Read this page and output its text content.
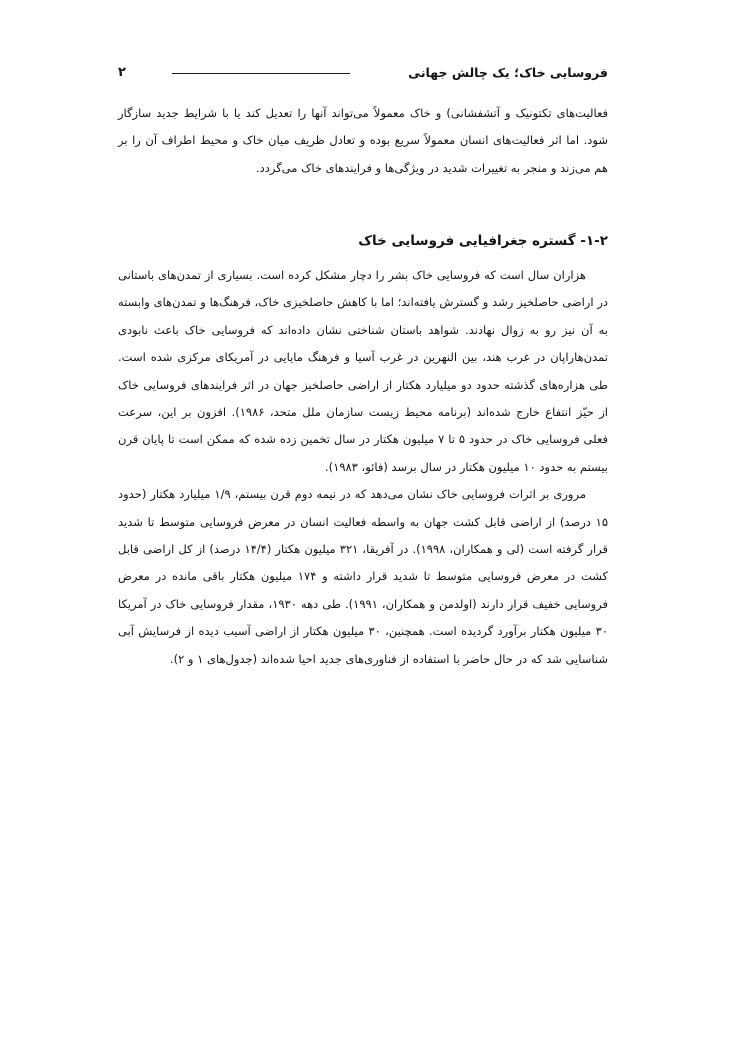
فروسایی خاک؛ یک چالش جهانی
۲

فعالیت‌های تکتونیک و آتشفشانی) و خاک معمولاً می‌تواند آنها را تعدیل کند یا با شرایط جدید سازگار شود. اما اثر فعالیت‌های انسان معمولاً سریع بوده و تعادل ظریف میان خاک و محیط اطراف آن را بر هم می‌زند و منجر به تغییرات شدید در ویژگی‌ها و فرایندهای خاک می‌گردد.

۱-۲- گستره جغرافیایی فروسایی خاک

هزاران سال است که فروسایی خاک بشر را دچار مشکل کرده است. بسیاری از تمدن‌های باستانی در اراضی حاصلخیز رشد و گسترش یافته‌اند؛ اما با کاهش حاصلخیزی خاک، فرهنگ‌ها و تمدن‌های وابسته به آن نیز رو به زوال نهادند. شواهد باستان شناختی نشان داده‌اند که فروسایی خاک باعث نابودی تمدن‌هاراپان در غرب هند، بین النهرین در غرب آسیا و فرهنگ مایایی در آمریکای مرکزی شده است. طی هزاره‌های گذشته حدود دو میلیارد هکتار از اراضی حاصلخیز جهان در اثر فرایندهای فروسایی خاک از حیّز انتفاع خارج شده‌اند (برنامه محیط زیست سازمان ملل متحد، ۱۹۸۶). افزون بر این، سرعت فعلی فروسایی خاک در حدود ۵ تا ۷ میلیون هکتار در سال تخمین زده شده که ممکن است تا پایان قرن بیستم به حدود ۱۰ میلیون هکتار در سال برسد (فائو، ۱۹۸۳).

مروری بر اثرات فروسایی خاک نشان می‌دهد که در نیمه دوم قرن بیستم، ۱/۹ میلیارد هکتار (حدود ۱۵ درصد) از اراضی قابل کشت جهان به واسطه فعالیت انسان در معرض فروسایی متوسط تا شدید قرار گرفته است (لی و همکاران، ۱۹۹۸). در آفریقا، ۳۲۱ میلیون هکتار (۱۴/۴ درصد) از کل اراضی قابل کشت در معرض فروسایی متوسط تا شدید قرار داشته و ۱۷۴ میلیون هکتار باقی مانده در معرض فروسایی خفیف قرار دارند (اولدمن و همکاران، ۱۹۹۱). طی دهه ۱۹۳۰، مقدار فروسایی خاک در آمریکا ۳۰ میلیون هکتار برآورد گردیده است. همچنین، ۳۰ میلیون هکتار از اراضی آسیب دیده از فرسایش آبی شناسایی شد که در حال حاضر با استفاده از فناوری‌های جدید احیا شده‌اند (جدول‌های ۱ و ۲).
